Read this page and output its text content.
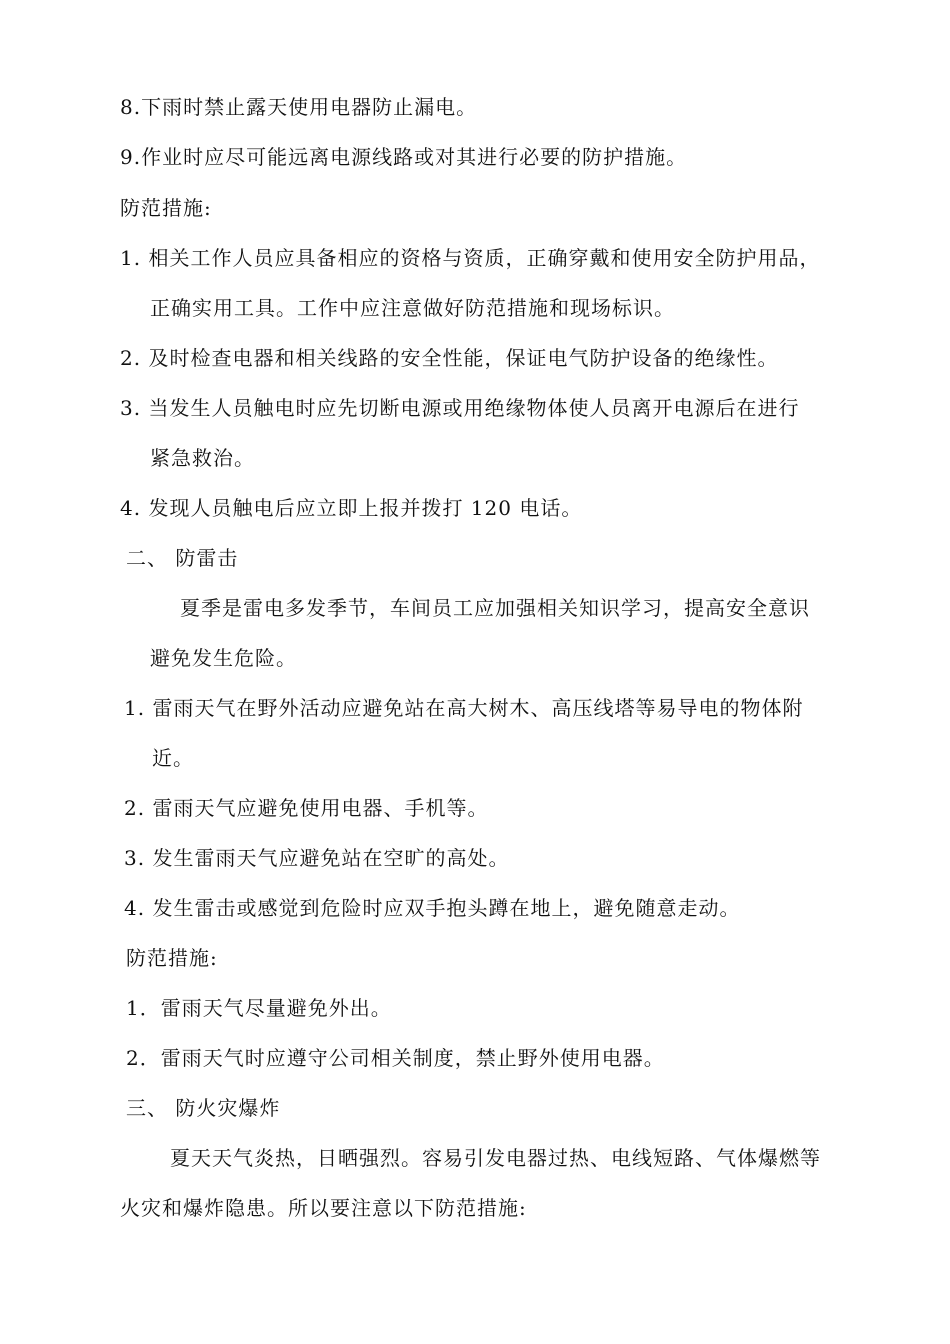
8.下雨时禁止露天使用电器防止漏电。
9.作业时应尽可能远离电源线路或对其进行必要的防护措施。
防范措施:
1. 相关工作人员应具备相应的资格与资质，正确穿戴和使用安全防护用品，
正确实用工具。工作中应注意做好防范措施和现场标识。
2. 及时检查电器和相关线路的安全性能，保证电气防护设备的绝缘性。
3. 当发生人员触电时应先切断电源或用绝缘物体使人员离开电源后在进行
紧急救治。
4. 发现人员触电后应立即上报并拨打 120 电话。
二、 防雷击
夏季是雷电多发季节，车间员工应加强相关知识学习，提高安全意识
避免发生危险。
1. 雷雨天气在野外活动应避免站在高大树木、高压线塔等易导电的物体附
近。
2. 雷雨天气应避免使用电器、手机等。
3. 发生雷雨天气应避免站在空旷的高处。
4. 发生雷击或感觉到危险时应双手抱头蹲在地上，避免随意走动。
防范措施:
1．雷雨天气尽量避免外出。
2．雷雨天气时应遵守公司相关制度，禁止野外使用电器。
三、 防火灾爆炸
夏天天气炎热，日晒强烈。容易引发电器过热、电线短路、气体爆燃等
火灾和爆炸隐患。所以要注意以下防范措施:
